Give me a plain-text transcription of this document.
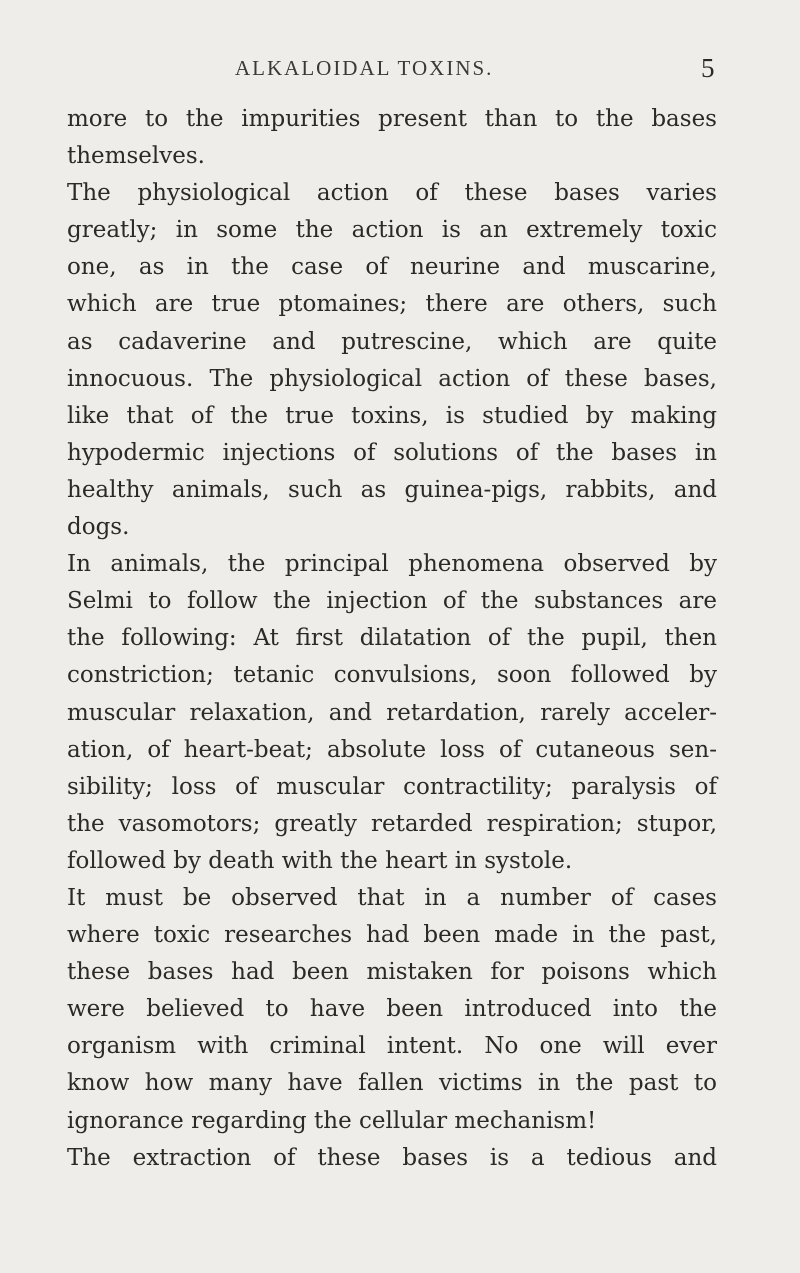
ALKALOIDAL TOXINS.	5
more to the impurities present than to the bases
themselves.
The physiological action of these bases varies
greatly; in some the action is an extremely toxic
one, as in the case of neurine and muscarine,
which are true ptomaines; there are others, such
as cadaverine and putrescine, which are quite
innocuous. The physiological action of these bases,
like that of the true toxins, is studied by making
hypodermic injections of solutions of the bases in
healthy animals, such as guinea-pigs, rabbits, and
dogs.
In animals, the principal phenomena observed by
Selmi to follow the injection of the substances are
the following: At first dilatation of the pupil, then
constriction; tetanic convulsions, soon followed by
muscular relaxation, and retardation, rarely acceler-
ation, of heart-beat; absolute loss of cutaneous sen-
sibility; loss of muscular contractility; paralysis of
the vasomotors; greatly retarded respiration; stupor,
followed by death with the heart in systole.
It must be observed that in a number of cases
where toxic researches had been made in the past,
these bases had been mistaken for poisons which
were believed to have been introduced into the
organism with criminal intent. No one will ever
know how many have fallen victims in the past to
ignorance regarding the cellular mechanism!
The extraction of these bases is a tedious and
